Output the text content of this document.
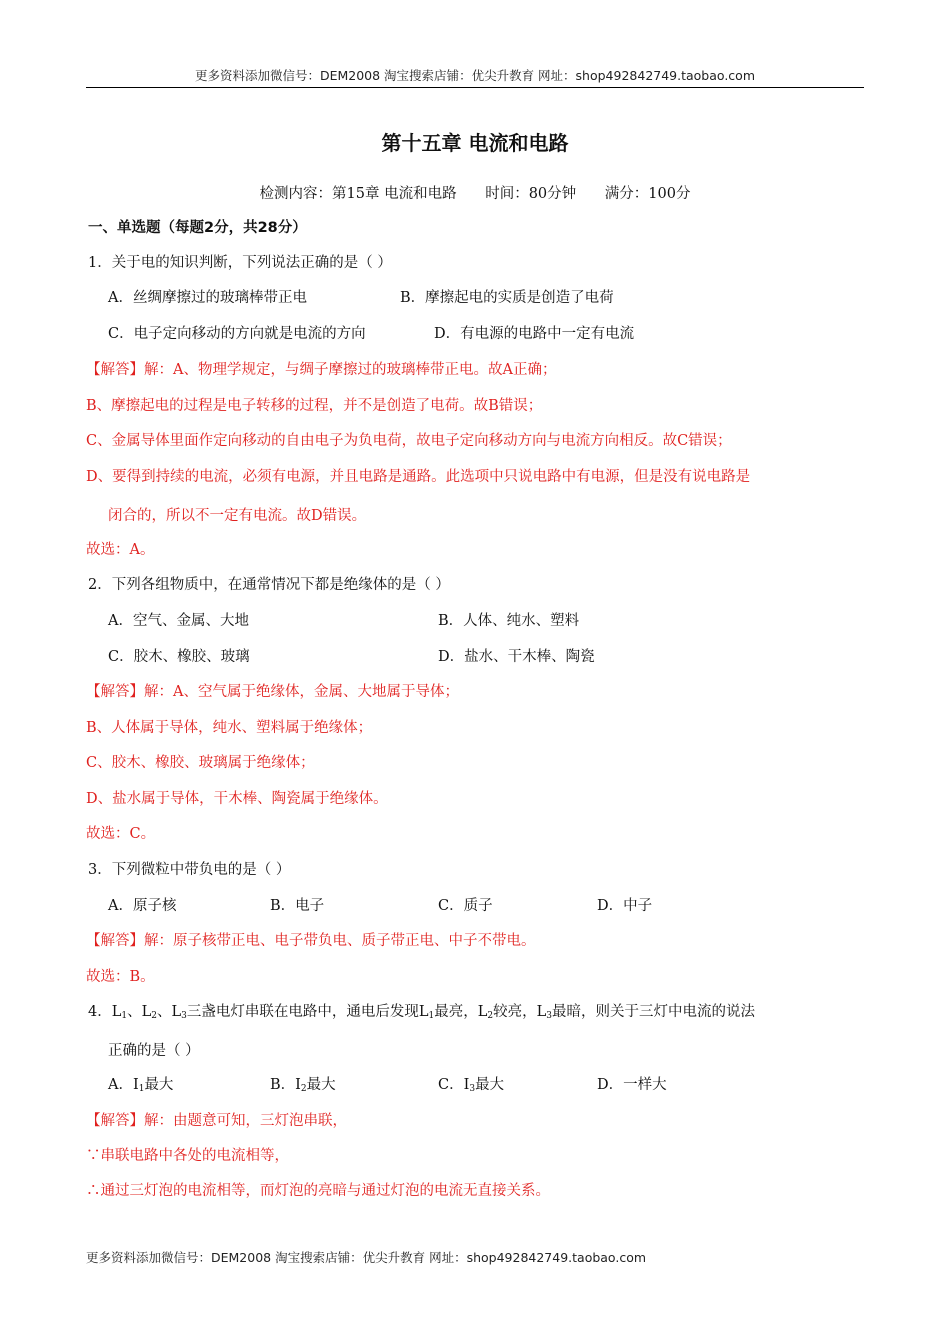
更多资料添加微信号：DEM2008 淘宝搜索店铺：优尖升教育 网址：shop492842749.taobao.com
第十五章 电流和电路
检测内容：第15章 电流和电路 时间：80分钟 满分：100分
一、单选题（每题2分，共28分）
1．关于电的知识判断，下列说法正确的是（ ）
A．丝绸摩擦过的玻璃棒带正电	B．摩擦起电的实质是创造了电荷
C．电子定向移动的方向就是电流的方向	D．有电源的电路中一定有电流
【解答】解：A、物理学规定，与绸子摩擦过的玻璃棒带正电。故A正确；
B、摩擦起电的过程是电子转移的过程，并不是创造了电荷。故B错误；
C、金属导体里面作定向移动的自由电子为负电荷，故电子定向移动方向与电流方向相反。故C错误；
D、要得到持续的电流，必须有电源，并且电路是通路。此选项中只说电路中有电源，但是没有说电路是
闭合的，所以不一定有电流。故D错误。
故选：A。
2．下列各组物质中，在通常情况下都是绝缘体的是（ ）
A．空气、金属、大地	B．人体、纯水、塑料
C．胶木、橡胶、玻璃	D．盐水、干木棒、陶瓷
【解答】解：A、空气属于绝缘体，金属、大地属于导体；
B、人体属于导体，纯水、塑料属于绝缘体；
C、胶木、橡胶、玻璃属于绝缘体；
D、盐水属于导体，干木棒、陶瓷属于绝缘体。
故选：C。
3．下列微粒中带负电的是（ ）
A．原子核	B．电子	C．质子	D．中子
【解答】解：原子核带正电、电子带负电、质子带正电、中子不带电。
故选：B。
4．$L_1$、$L_2$、$L_3$三盏电灯串联在电路中，通电后发现$L_1$最亮，$L_2$较亮，$L_3$最暗，则关于三灯中电流的说法
正确的是（ ）
A．$I_1$最大	B．$I_2$最大	C．$I_3$最大	D．一样大
【解答】解：由题意可知，三灯泡串联，
∵串联电路中各处的电流相等，
∴通过三灯泡的电流相等，而灯泡的亮暗与通过灯泡的电流无直接关系。
更多资料添加微信号：DEM2008 淘宝搜索店铺：优尖升教育 网址：shop492842749.taobao.com
